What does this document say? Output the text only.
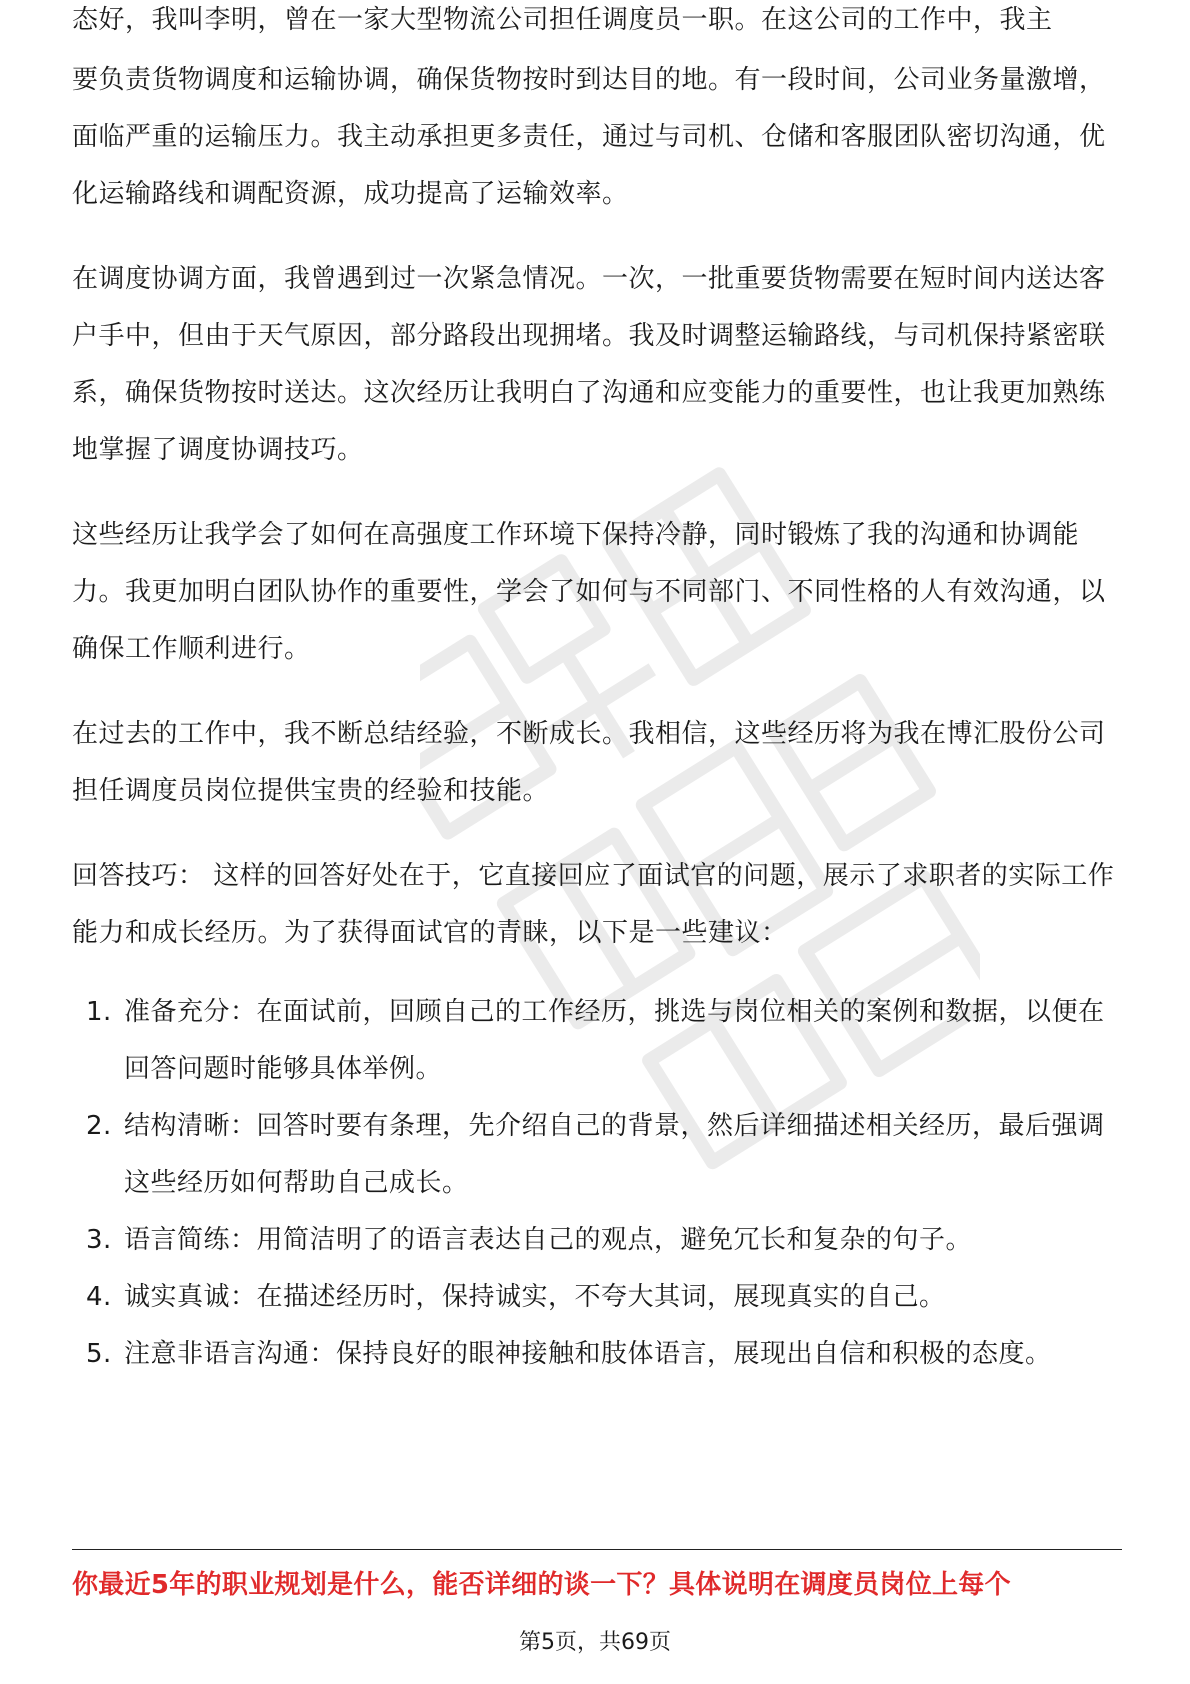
态好，我叫李明，曾在一家大型物流公司担任调度员一职。在这公司的工作中，我主

要负责货物调度和运输协调，确保货物按时到达目的地。有一段时间，公司业务量激增，面临严重的运输压力。我主动承担更多责任，通过与司机、仓储和客服团队密切沟通，优化运输路线和调配资源，成功提高了运输效率。

在调度协调方面，我曾遇到过一次紧急情况。一次，一批重要货物需要在短时间内送达客户手中，但由于天气原因，部分路段出现拥堵。我及时调整运输路线，与司机保持紧密联系，确保货物按时送达。这次经历让我明白了沟通和应变能力的重要性，也让我更加熟练地掌握了调度协调技巧。

这些经历让我学会了如何在高强度工作环境下保持冷静，同时锻炼了我的沟通和协调能力。我更加明白团队协作的重要性，学会了如何与不同部门、不同性格的人有效沟通，以确保工作顺利进行。

在过去的工作中，我不断总结经验，不断成长。我相信，这些经历将为我在博汇股份公司担任调度员岗位提供宝贵的经验和技能。

回答技巧： 这样的回答好处在于，它直接回应了面试官的问题，展示了求职者的实际工作能力和成长经历。为了获得面试官的青睐，以下是一些建议：

1. 准备充分：在面试前，回顾自己的工作经历，挑选与岗位相关的案例和数据，以便在回答问题时能够具体举例。
2. 结构清晰：回答时要有条理，先介绍自己的背景，然后详细描述相关经历，最后强调这些经历如何帮助自己成长。
3. 语言简练：用简洁明了的语言表达自己的观点，避免冗长和复杂的句子。
4. 诚实真诚：在描述经历时，保持诚实，不夸大其词，展现真实的自己。
5. 注意非语言沟通：保持良好的眼神接触和肢体语言，展现出自信和积极的态度。
你最近5年的职业规划是什么，能否详细的谈一下？具体说明在调度员岗位上每个
第5页，共69页
